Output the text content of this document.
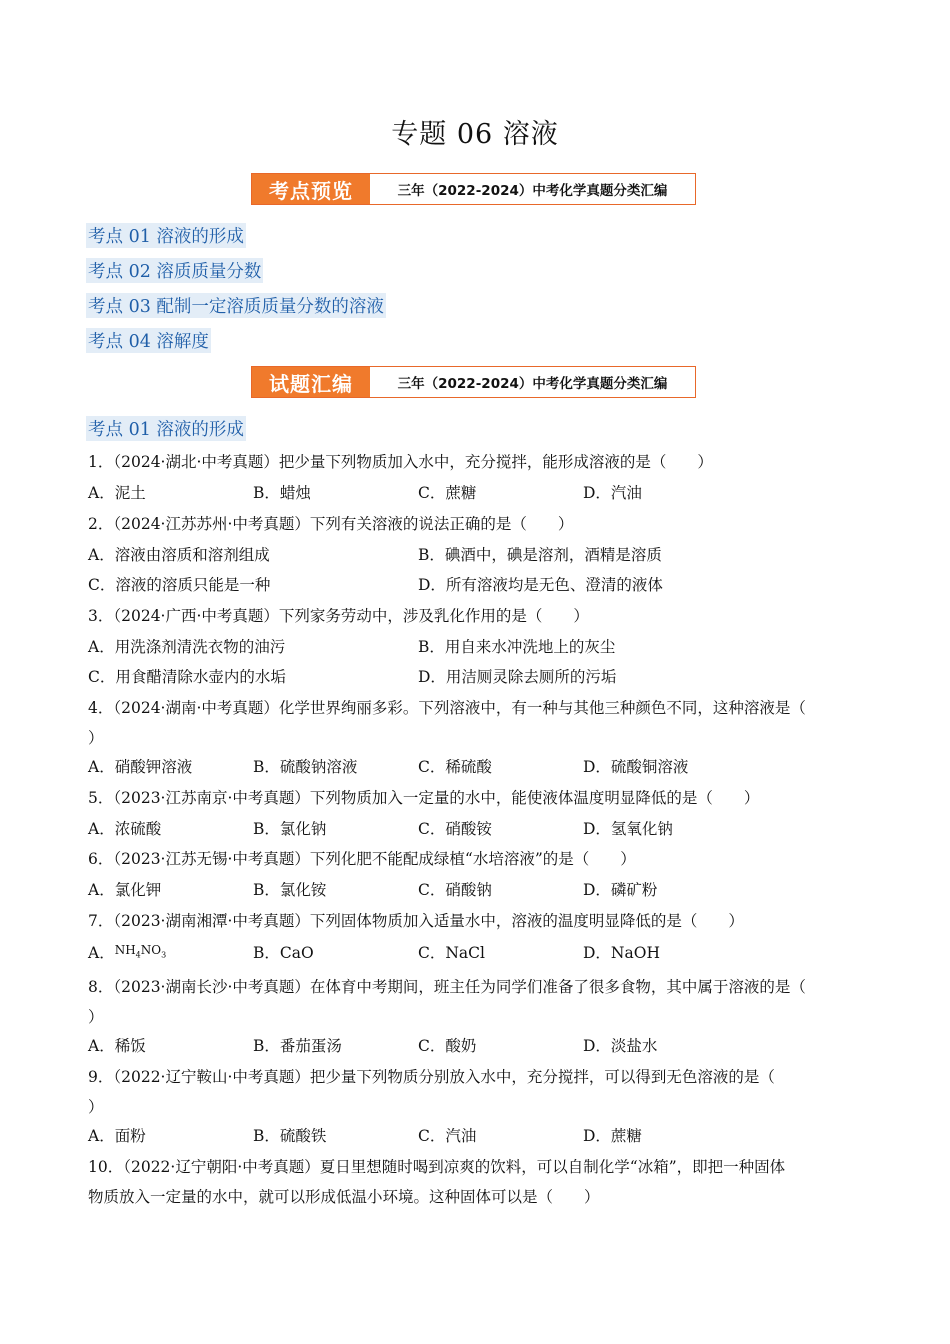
专题 06 溶液
考点预览	三年（2022-2024）中考化学真题分类汇编
考点 01 溶液的形成
考点 02 溶质质量分数
考点 03 配制一定溶质质量分数的溶液
考点 04 溶解度
试题汇编	三年（2022-2024）中考化学真题分类汇编
考点 01 溶液的形成
1．（2024·湖北·中考真题）把少量下列物质加入水中，充分搅拌，能形成溶液的是（　　）
A．泥土	B．蜡烛	C．蔗糖	D．汽油
2．（2024·江苏苏州·中考真题）下列有关溶液的说法正确的是（　　）
A．溶液由溶质和溶剂组成	B．碘酒中，碘是溶剂，酒精是溶质
C．溶液的溶质只能是一种	D．所有溶液均是无色、澄清的液体
3．（2024·广西·中考真题）下列家务劳动中，涉及乳化作用的是（　　）
A．用洗涤剂清洗衣物的油污	B．用自来水冲洗地上的灰尘
C．用食醋清除水壶内的水垢	D．用洁厕灵除去厕所的污垢
4．（2024·湖南·中考真题）化学世界绚丽多彩。下列溶液中，有一种与其他三种颜色不同，这种溶液是（
）
A．硝酸钾溶液	B．硫酸钠溶液	C．稀硫酸	D．硫酸铜溶液
5．（2023·江苏南京·中考真题）下列物质加入一定量的水中，能使液体温度明显降低的是（　　）
A．浓硫酸	B．氯化钠	C．硝酸铵	D．氢氧化钠
6．（2023·江苏无锡·中考真题）下列化肥不能配成绿植“水培溶液”的是（　　）
A．氯化钾	B．氯化铵	C．硝酸钠	D．磷矿粉
7．（2023·湖南湘潭·中考真题）下列固体物质加入适量水中，溶液的温度明显降低的是（　　）
A．$^{NH_4NO_3}$	B．CaO	C．NaCl	D．NaOH
8．（2023·湖南长沙·中考真题）在体育中考期间，班主任为同学们准备了很多食物，其中属于溶液的是（
）
A．稀饭	B．番茄蛋汤	C．酸奶	D．淡盐水
9．（2022·辽宁鞍山·中考真题）把少量下列物质分别放入水中，充分搅拌，可以得到无色溶液的是（
）
A．面粉	B．硫酸铁	C．汽油	D．蔗糖
10．（2022·辽宁朝阳·中考真题）夏日里想随时喝到凉爽的饮料，可以自制化学“冰箱”，即把一种固体
物质放入一定量的水中，就可以形成低温小环境。这种固体可以是（　　）
